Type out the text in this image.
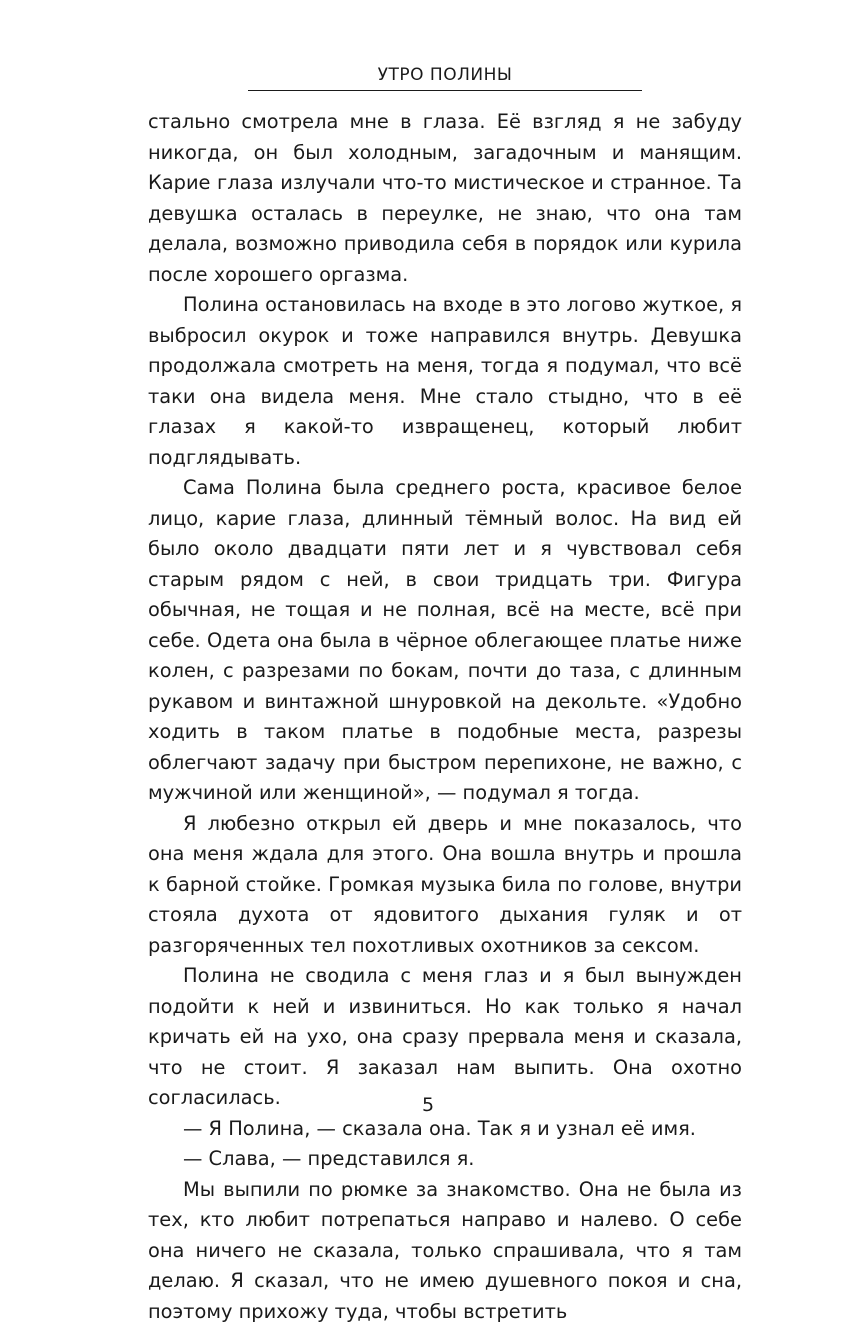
УТРО ПОЛИНЫ

стально смотрела мне в глаза. Её взгляд я не забуду никогда, он был холодным, загадочным и манящим. Карие глаза излучали что-то мистическое и странное. Та девушка осталась в переулке, не знаю, что она там делала, возможно приводила себя в порядок или курила после хорошего оргазма.

Полина остановилась на входе в это логово жуткое, я выбросил окурок и тоже направился внутрь. Девушка продолжала смотреть на меня, тогда я подумал, что всё таки она видела меня. Мне стало стыдно, что в её глазах я какой-то извращенец, который любит подглядывать.

Сама Полина была среднего роста, красивое белое лицо, карие глаза, длинный тёмный волос. На вид ей было около двадцати пяти лет и я чувствовал себя старым рядом с ней, в свои тридцать три. Фигура обычная, не тощая и не полная, всё на месте, всё при себе. Одета она была в чёрное облегающее платье ниже колен, с разрезами по бокам, почти до таза, с длинным рукавом и винтажной шнуровкой на декольте. «Удобно ходить в таком платье в подобные места, разрезы облегчают задачу при быстром перепихоне, не важно, с мужчиной или женщиной», — подумал я тогда.

Я любезно открыл ей дверь и мне показалось, что она меня ждала для этого. Она вошла внутрь и прошла к барной стойке. Громкая музыка била по голове, внутри стояла духота от ядовитого дыхания гуляк и от разгоряченных тел похотливых охотников за сексом.

Полина не сводила с меня глаз и я был вынужден подойти к ней и извиниться. Но как только я начал кричать ей на ухо, она сразу прервала меня и сказала, что не стоит. Я заказал нам выпить. Она охотно согласилась.

— Я Полина, — сказала она. Так я и узнал её имя.

— Слава, — представился я.

Мы выпили по рюмке за знакомство. Она не была из тех, кто любит потрепаться направо и налево. О себе она ничего не сказала, только спрашивала, что я там делаю. Я сказал, что не имею душевного покоя и сна, поэтому прихожу туда, чтобы встретить

5
